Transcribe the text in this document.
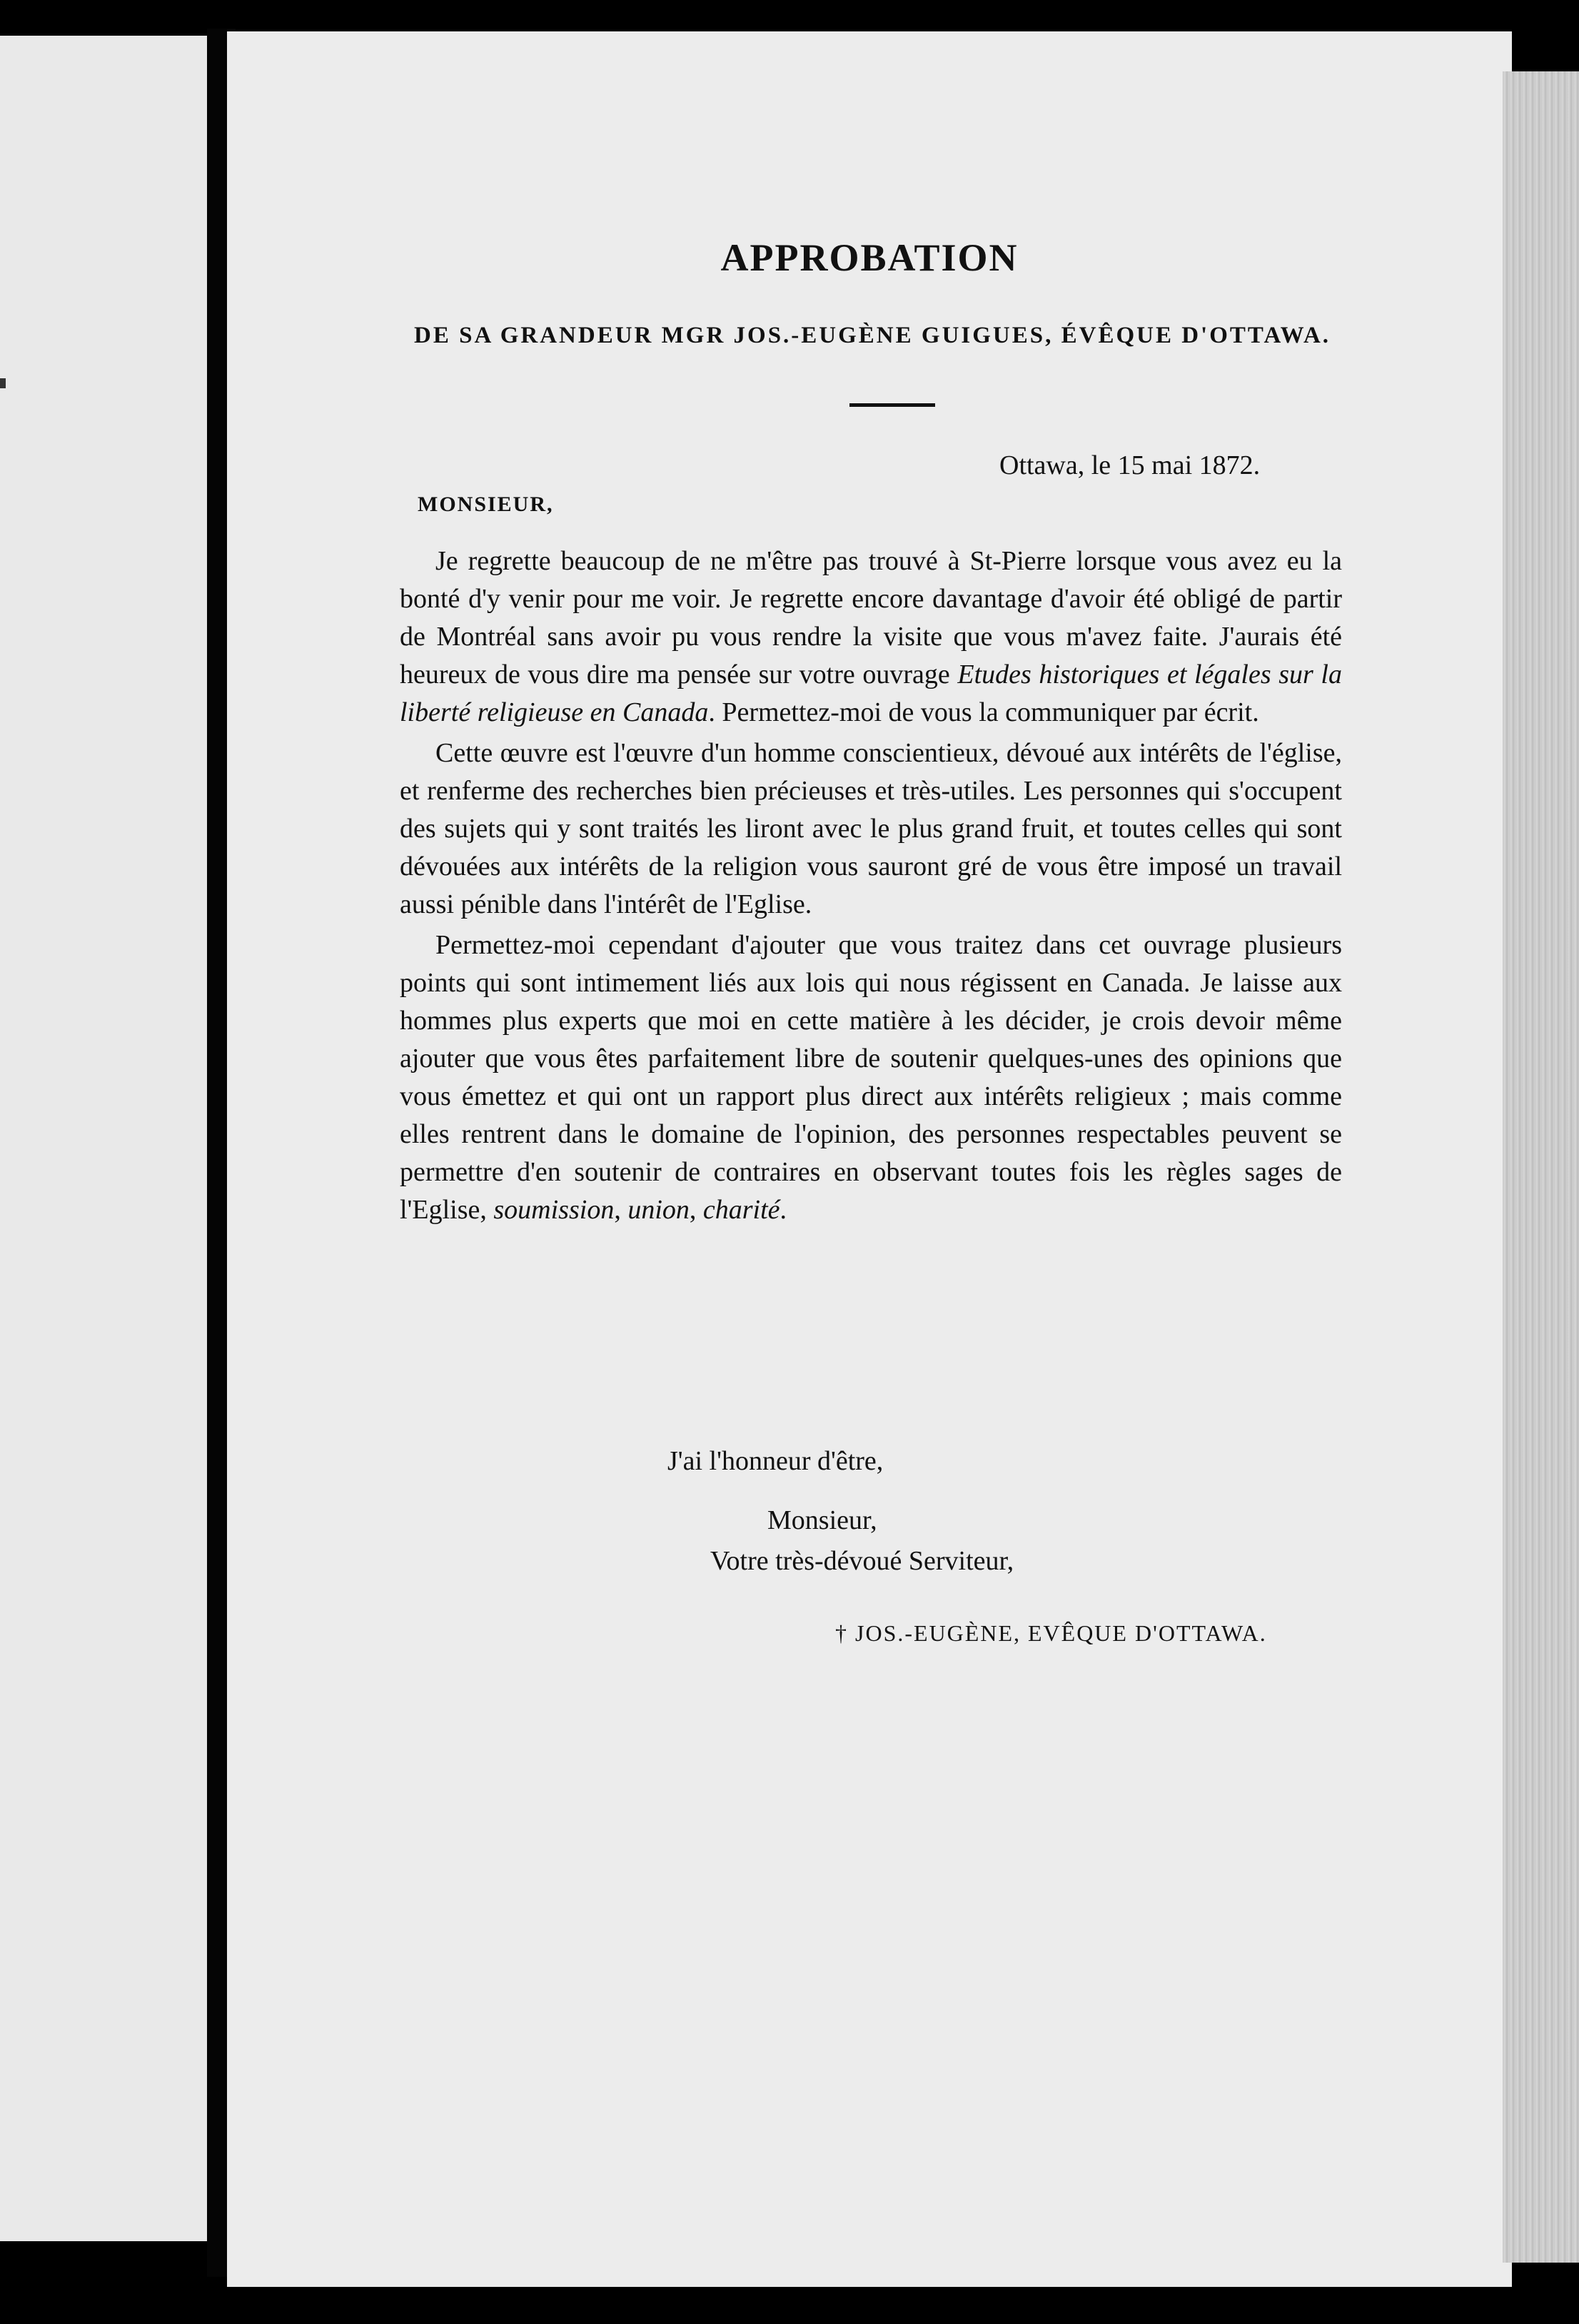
APPROBATION
DE SA GRANDEUR MGR JOS.-EUGÈNE GUIGUES, ÉVÊQUE D'OTTAWA.
Ottawa, le 15 mai 1872.
MONSIEUR,

Je regrette beaucoup de ne m'être pas trouvé à St-Pierre lorsque vous avez eu la bonté d'y venir pour me voir. Je regrette encore davantage d'avoir été obligé de partir de Montréal sans avoir pu vous rendre la visite que vous m'avez faite. J'aurais été heureux de vous dire ma pensée sur votre ouvrage Etudes historiques et légales sur la liberté religieuse en Canada. Permettez-moi de vous la communiquer par écrit.

Cette œuvre est l'œuvre d'un homme conscientieux, dévoué aux intérêts de l'église, et renferme des recherches bien précieuses et très-utiles. Les personnes qui s'occupent des sujets qui y sont traités les liront avec le plus grand fruit, et toutes celles qui sont dévouées aux intérêts de la religion vous sauront gré de vous être imposé un travail aussi pénible dans l'intérêt de l'Eglise.

Permettez-moi cependant d'ajouter que vous traitez dans cet ouvrage plusieurs points qui sont intimement liés aux lois qui nous régissent en Canada. Je laisse aux hommes plus experts que moi en cette matière à les décider, je crois devoir même ajouter que vous êtes parfaitement libre de soutenir quelques-unes des opinions que vous émettez et qui ont un rapport plus direct aux intérêts religieux ; mais comme elles rentrent dans le domaine de l'opinion, des personnes respectables peuvent se permettre d'en soutenir de contraires en observant toutes fois les règles sages de l'Eglise, soumission, union, charité.

J'ai l'honneur d'être,
Monsieur,
Votre très-dévoué Serviteur,
† JOS.-EUGÈNE, EVÊQUE D'OTTAWA.
